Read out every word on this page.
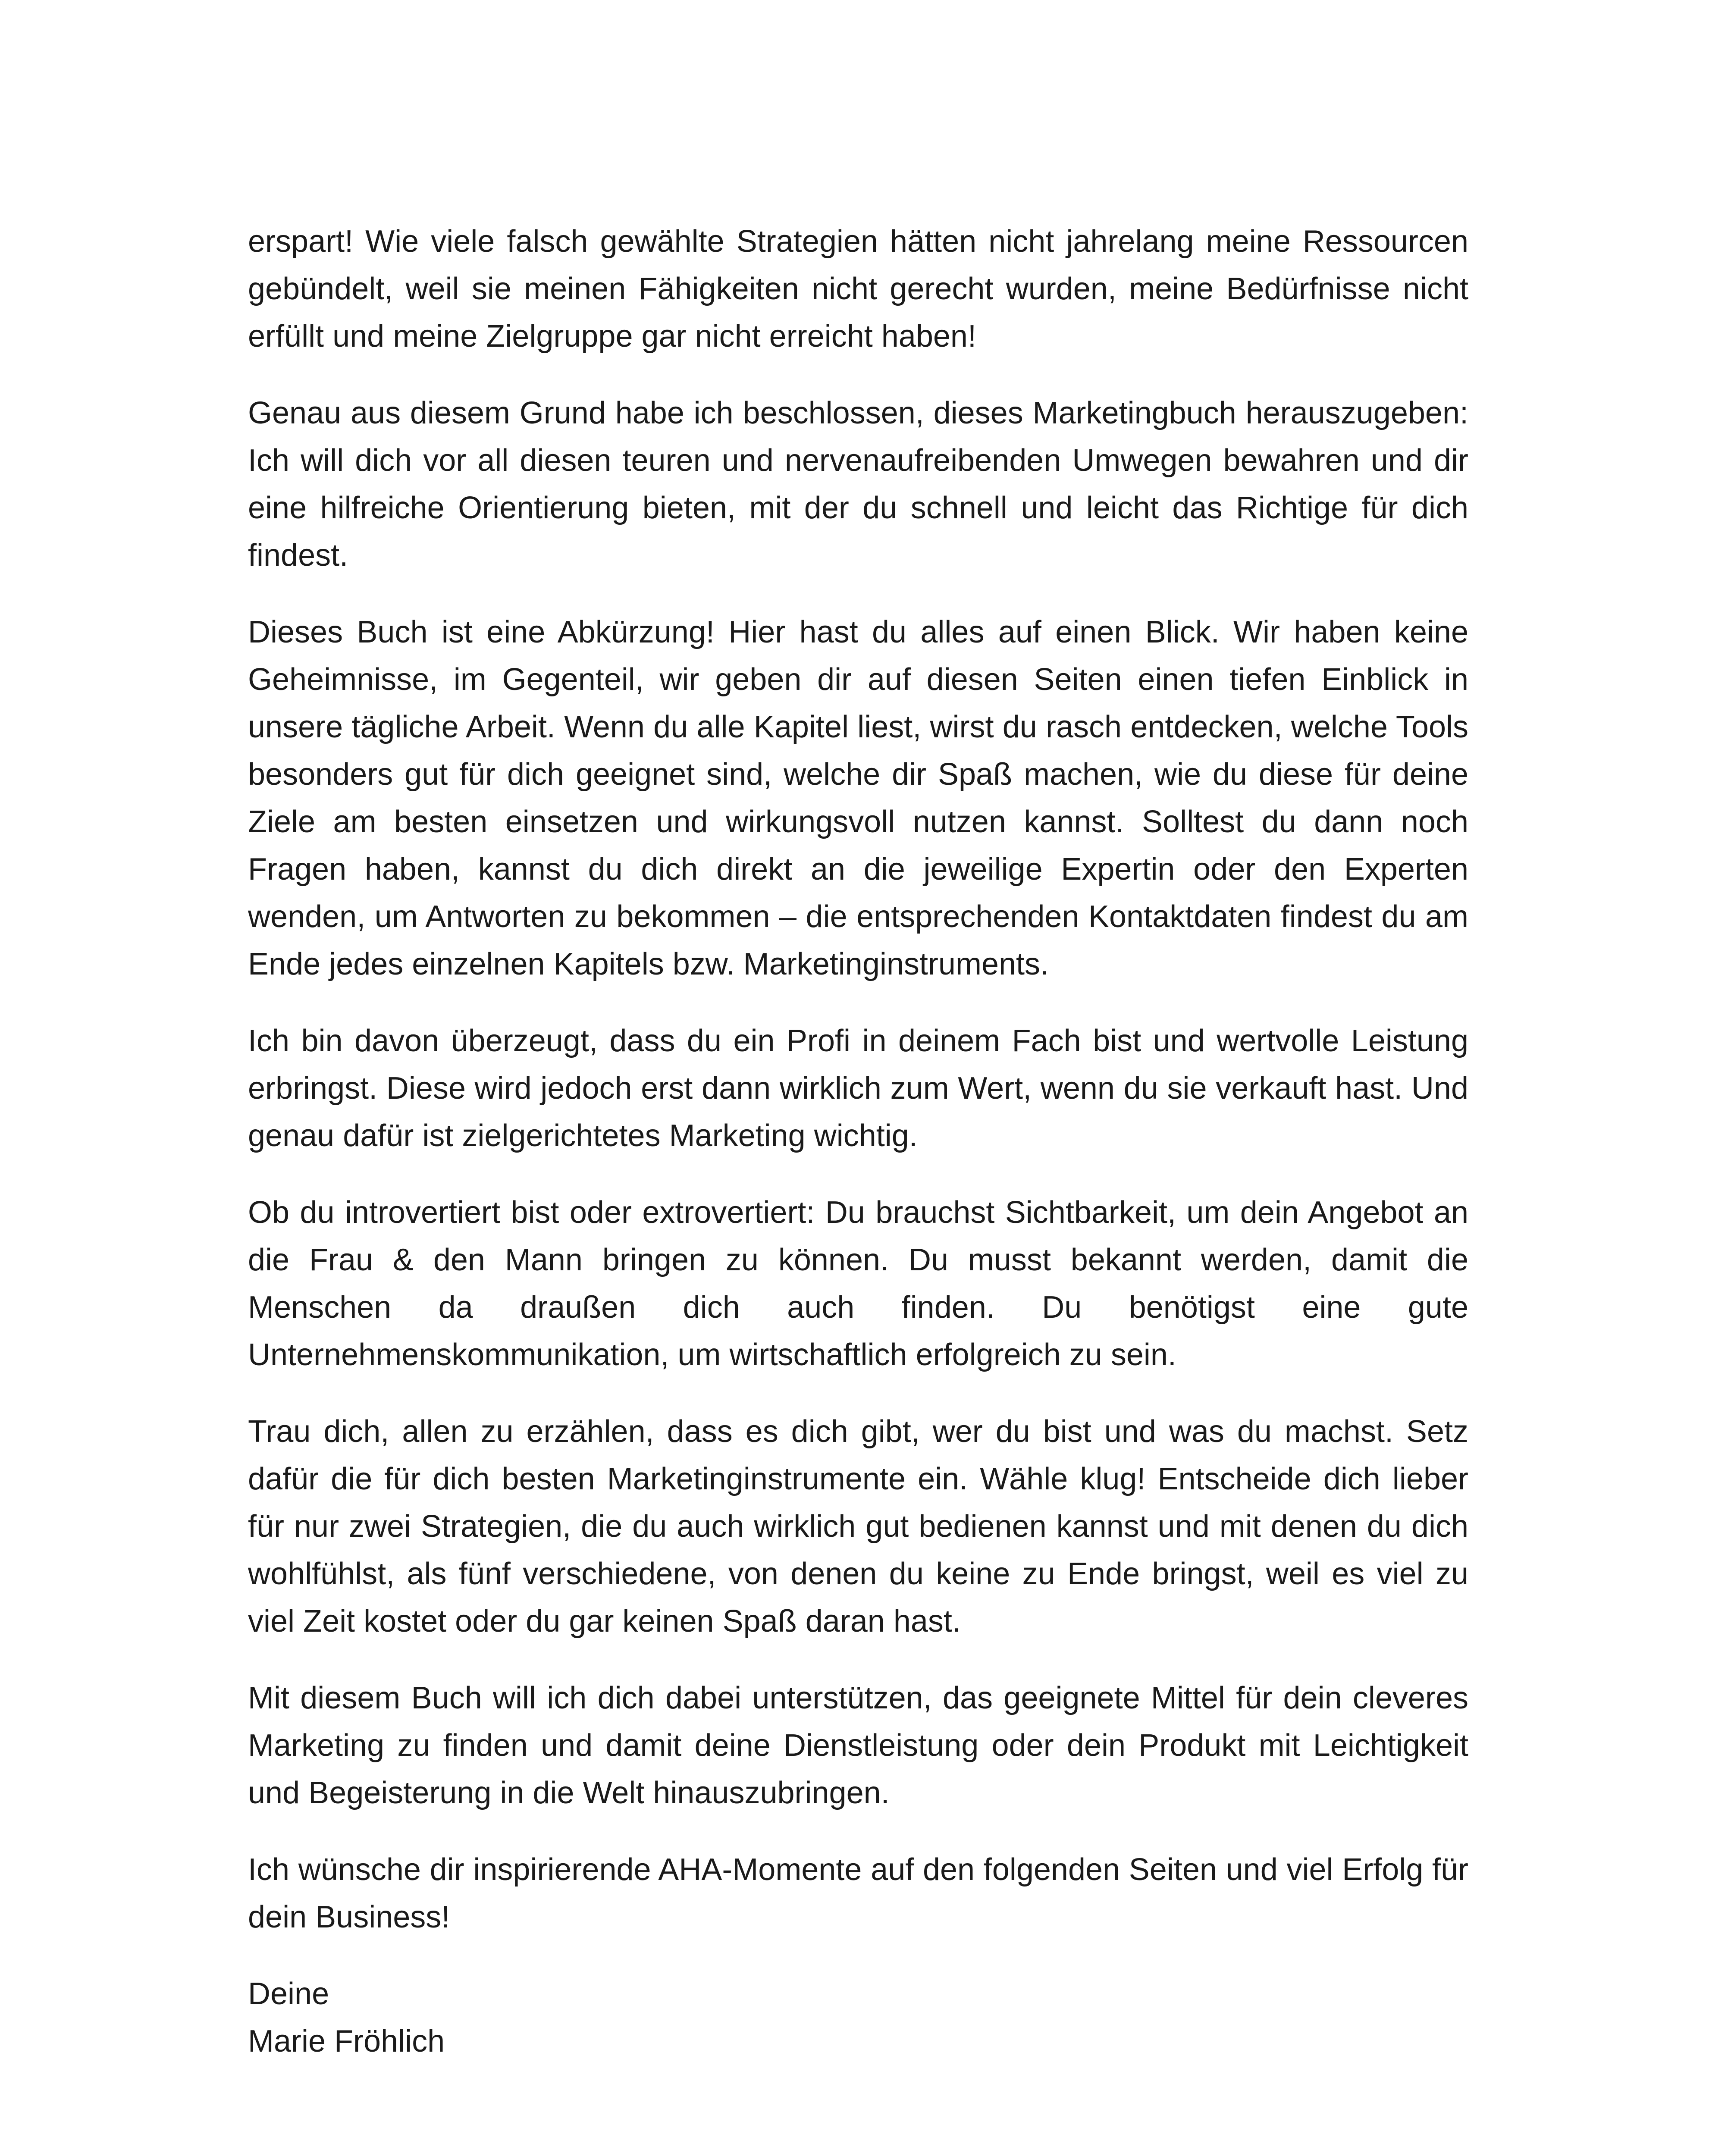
erspart! Wie viele falsch gewählte Strategien hätten nicht jahrelang meine Ressourcen gebündelt, weil sie meinen Fähigkeiten nicht gerecht wurden, meine Bedürfnisse nicht erfüllt und meine Zielgruppe gar nicht erreicht haben!

Genau aus diesem Grund habe ich beschlossen, dieses Marketingbuch herauszugeben: Ich will dich vor all diesen teuren und nervenaufreibenden Umwegen bewahren und dir eine hilfreiche Orientierung bieten, mit der du schnell und leicht das Richtige für dich findest.

Dieses Buch ist eine Abkürzung! Hier hast du alles auf einen Blick. Wir haben keine Geheimnisse, im Gegenteil, wir geben dir auf diesen Seiten einen tiefen Einblick in unsere tägliche Arbeit. Wenn du alle Kapitel liest, wirst du rasch entdecken, welche Tools besonders gut für dich geeignet sind, welche dir Spaß machen, wie du diese für deine Ziele am besten einsetzen und wirkungsvoll nutzen kannst. Solltest du dann noch Fragen haben, kannst du dich direkt an die jeweilige Expertin oder den Experten wenden, um Antworten zu bekommen – die entsprechenden Kontaktdaten findest du am Ende jedes einzelnen Kapitels bzw. Marketinginstruments.

Ich bin davon überzeugt, dass du ein Profi in deinem Fach bist und wertvolle Leistung erbringst. Diese wird jedoch erst dann wirklich zum Wert, wenn du sie verkauft hast. Und genau dafür ist zielgerichtetes Marketing wichtig.

Ob du introvertiert bist oder extrovertiert: Du brauchst Sichtbarkeit, um dein Angebot an die Frau & den Mann bringen zu können. Du musst bekannt werden, damit die Menschen da draußen dich auch finden. Du benötigst eine gute Unternehmenskommunikation, um wirtschaftlich erfolgreich zu sein.

Trau dich, allen zu erzählen, dass es dich gibt, wer du bist und was du machst. Setz dafür die für dich besten Marketinginstrumente ein. Wähle klug! Entscheide dich lieber für nur zwei Strategien, die du auch wirklich gut bedienen kannst und mit denen du dich wohlfühlst, als fünf verschiedene, von denen du keine zu Ende bringst, weil es viel zu viel Zeit kostet oder du gar keinen Spaß daran hast.

Mit diesem Buch will ich dich dabei unterstützen, das geeignete Mittel für dein cleveres Marketing zu finden und damit deine Dienstleistung oder dein Produkt mit Leichtigkeit und Begeisterung in die Welt hinauszubringen.

Ich wünsche dir inspirierende AHA-Momente auf den folgenden Seiten und viel Erfolg für dein Business!

Deine
Marie Fröhlich
